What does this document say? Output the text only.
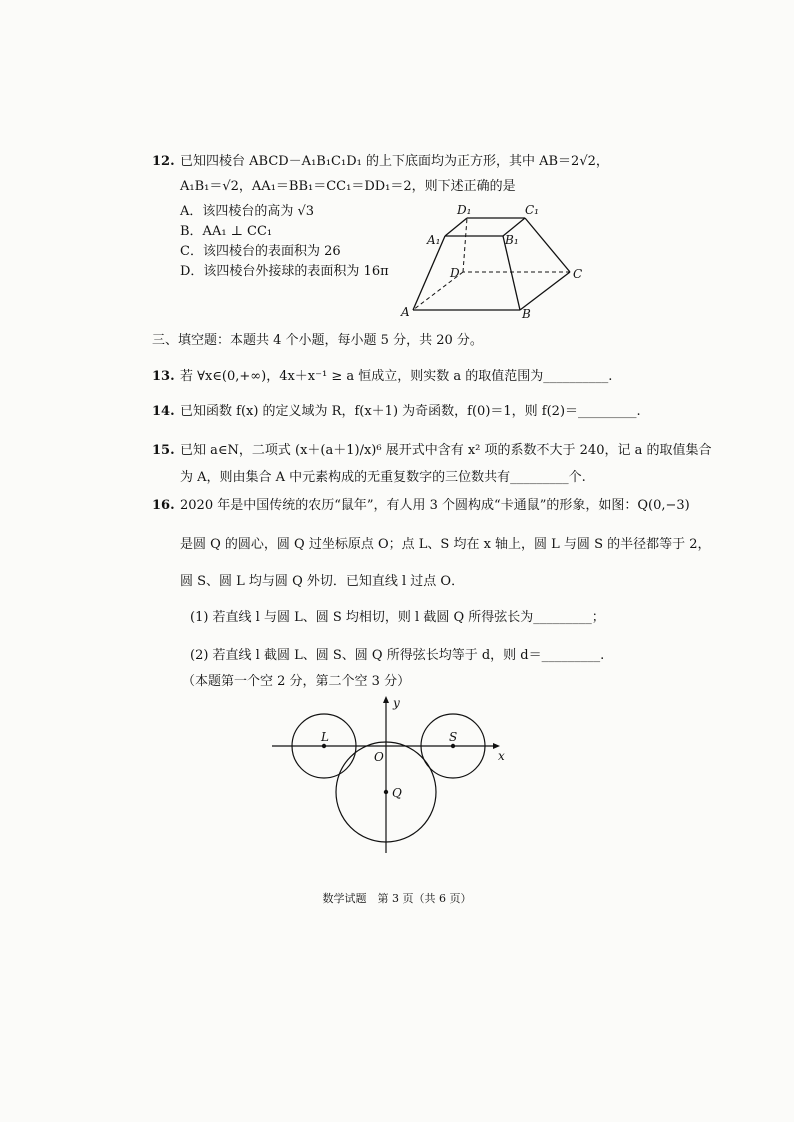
12. 已知四棱台 ABCD－A₁B₁C₁D₁ 的上下底面均为正方形，其中 AB＝2√2，
A₁B₁＝√2，AA₁＝BB₁＝CC₁＝DD₁＝2，则下述正确的是
A．该四棱台的高为 √3
B．AA₁ ⊥ CC₁
C．该四棱台的表面积为 26
D．该四棱台外接球的表面积为 16π
A	B
C
D
A₁	B₁
C₁
D₁
三、填空题：本题共 4 个小题，每小题 5 分，共 20 分。
13. 若 ∀x∈(0,+∞)，4x＋x⁻¹ ≥ a 恒成立，则实数 a 的取值范围为__________.
14. 已知函数 f(x) 的定义域为 R，f(x＋1) 为奇函数，f(0)＝1，则 f(2)＝_________.
15. 已知 a∈N，二项式 (x＋(a＋1)/x)⁶ 展开式中含有 x² 项的系数不大于 240，记 a 的取值集合
为 A，则由集合 A 中元素构成的无重复数字的三位数共有_________个.
16. 2020 年是中国传统的农历“鼠年”，有人用 3 个圆构成“卡通鼠”的形象，如图：Q(0,−3)
是圆 Q 的圆心，圆 Q 过坐标原点 O；点 L、S 均在 x 轴上，圆 L 与圆 S 的半径都等于 2，
圆 S、圆 L 均与圆 Q 外切．已知直线 l 过点 O．
(1) 若直线 l 与圆 L、圆 S 均相切，则 l 截圆 Q 所得弦长为_________；
(2) 若直线 l 截圆 L、圆 S、圆 Q 所得弦长均等于 d，则 d＝_________.
（本题第一个空 2 分，第二个空 3 分）
L	S
O
Q
x
y
数学试题　第 3 页（共 6 页）
